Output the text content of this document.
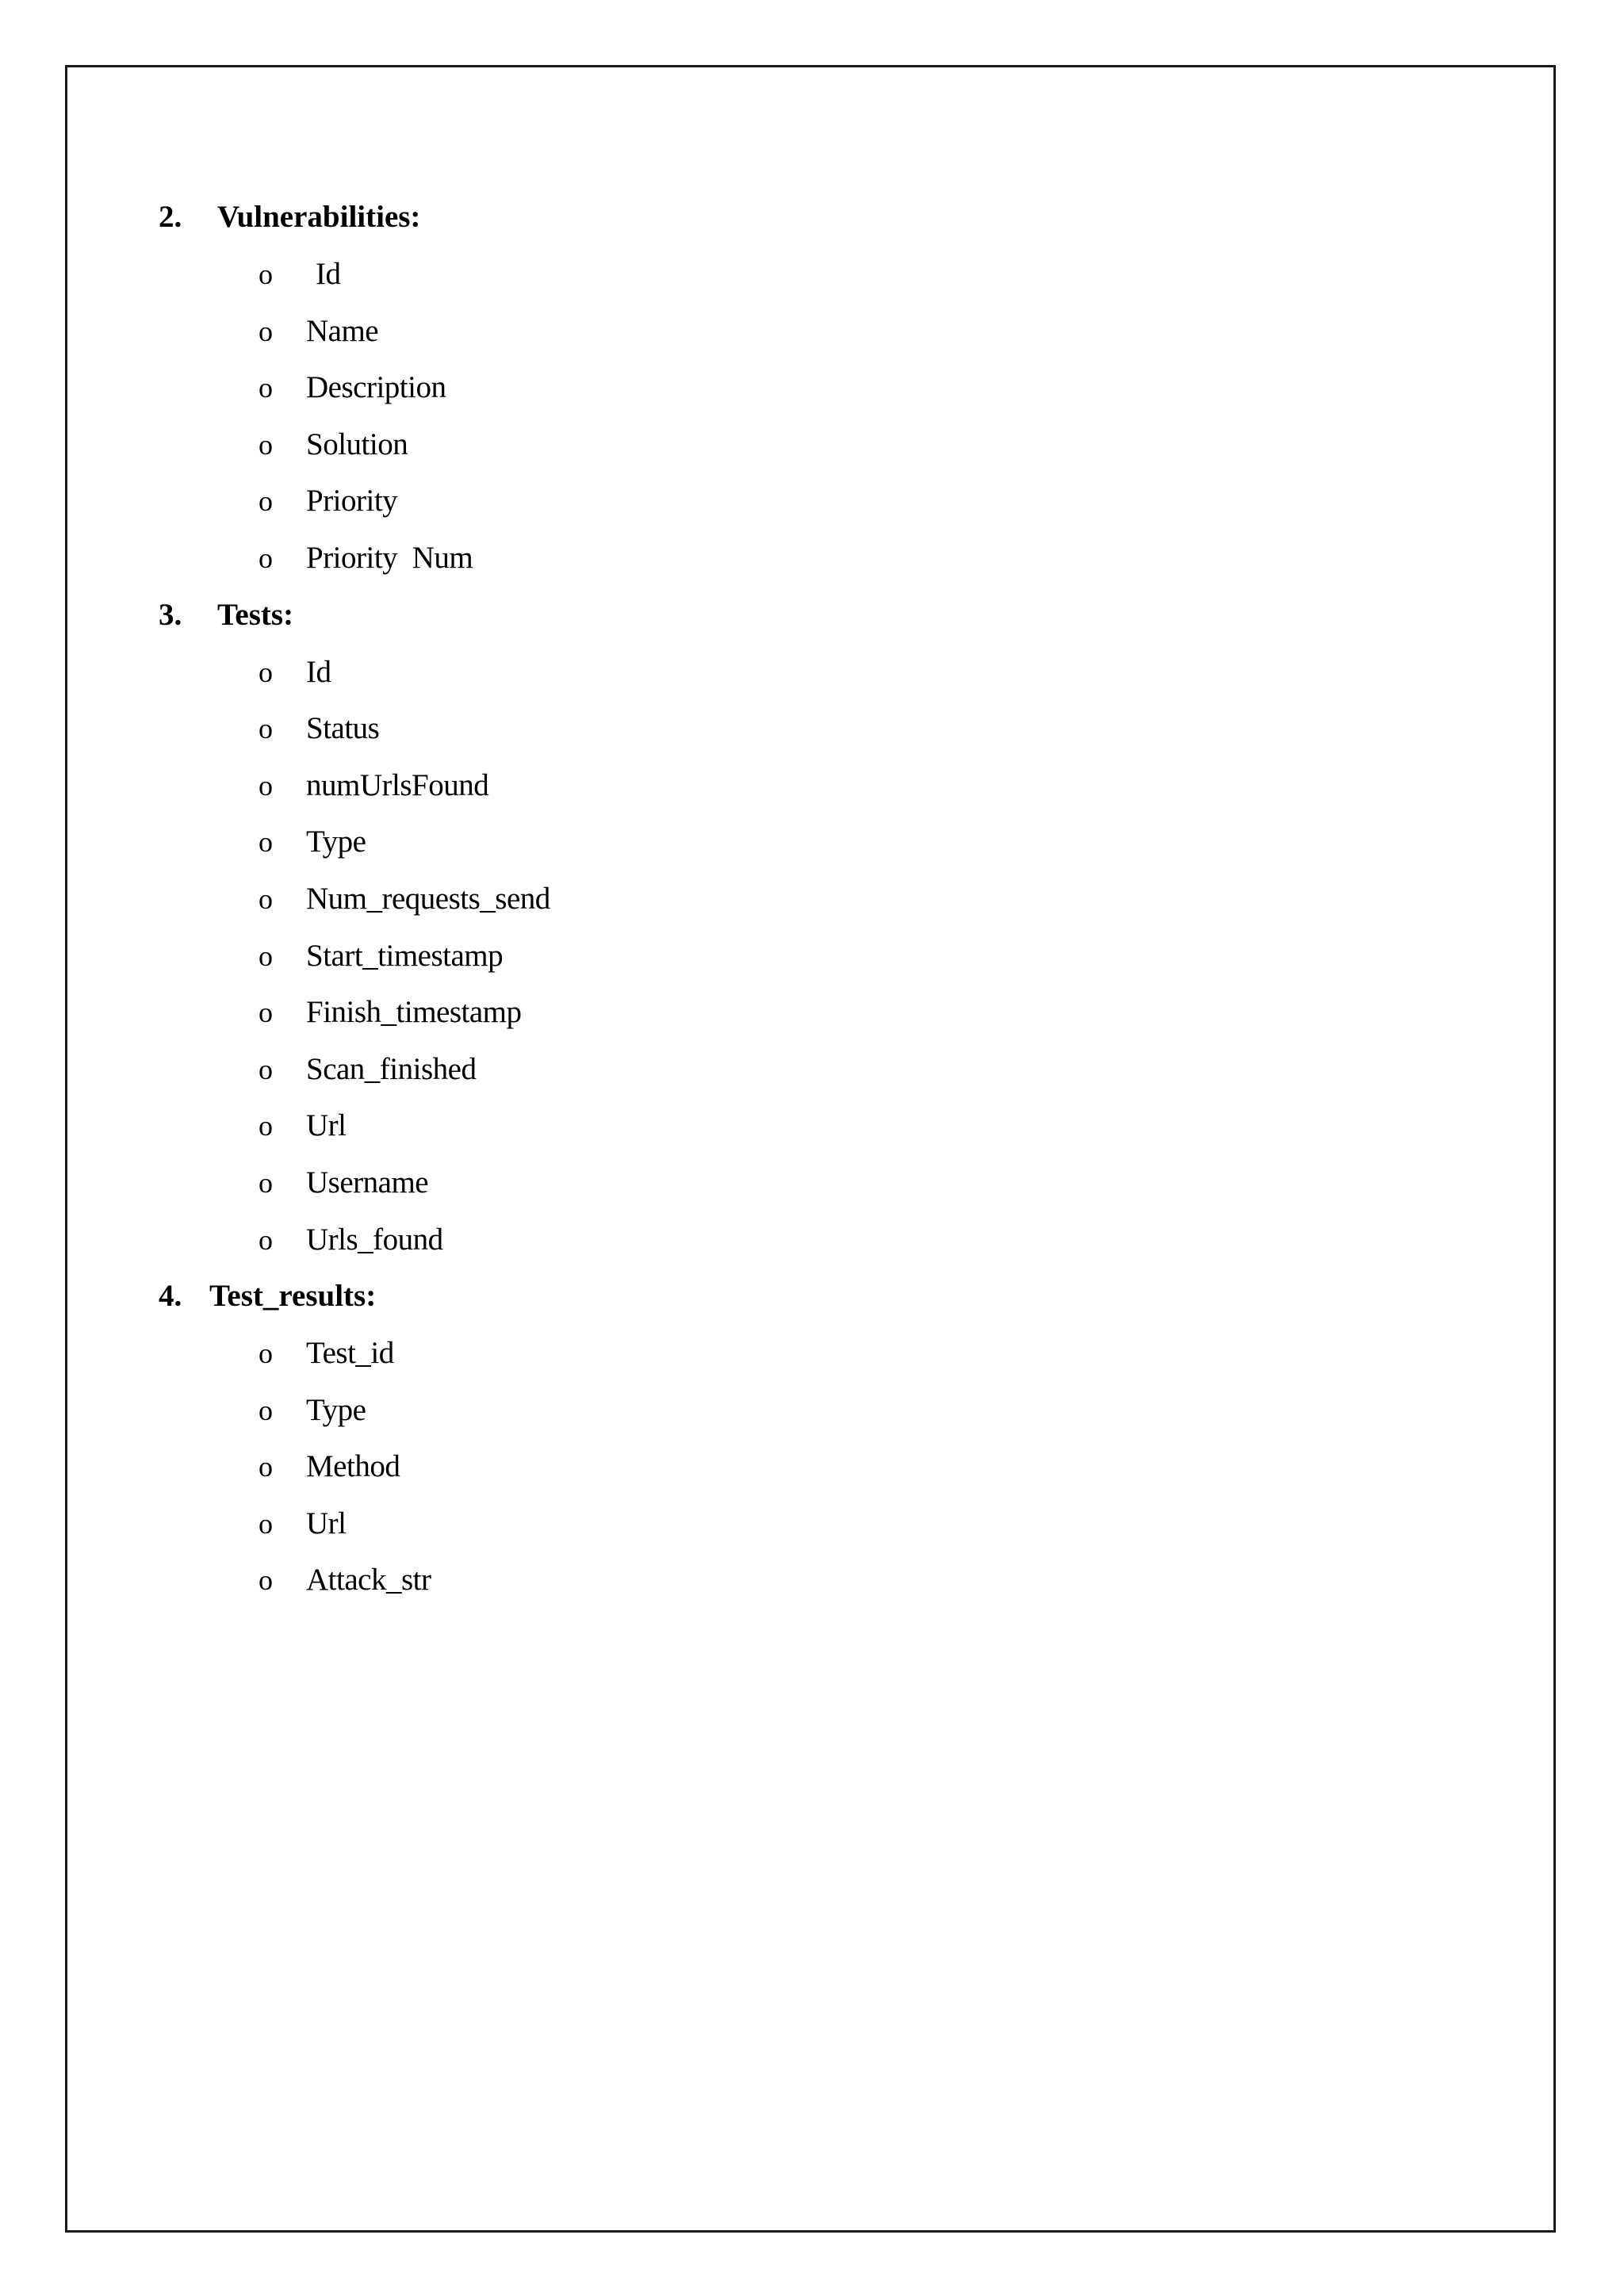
2.	Vulnerabilities:
o	Id
o	Name
o	Description
o	Solution
o	Priority
o	Priority  Num
3.	Tests:
o	Id
o	Status
o	numUrlsFound
o	Type
o	Num_requests_send
o	Start_timestamp
o	Finish_timestamp
o	Scan_finished
o	Url
o	Username
o	Urls_found
4. Test_results:
o	Test_id
o	Type
o	Method
o	Url
o	Attack_str
